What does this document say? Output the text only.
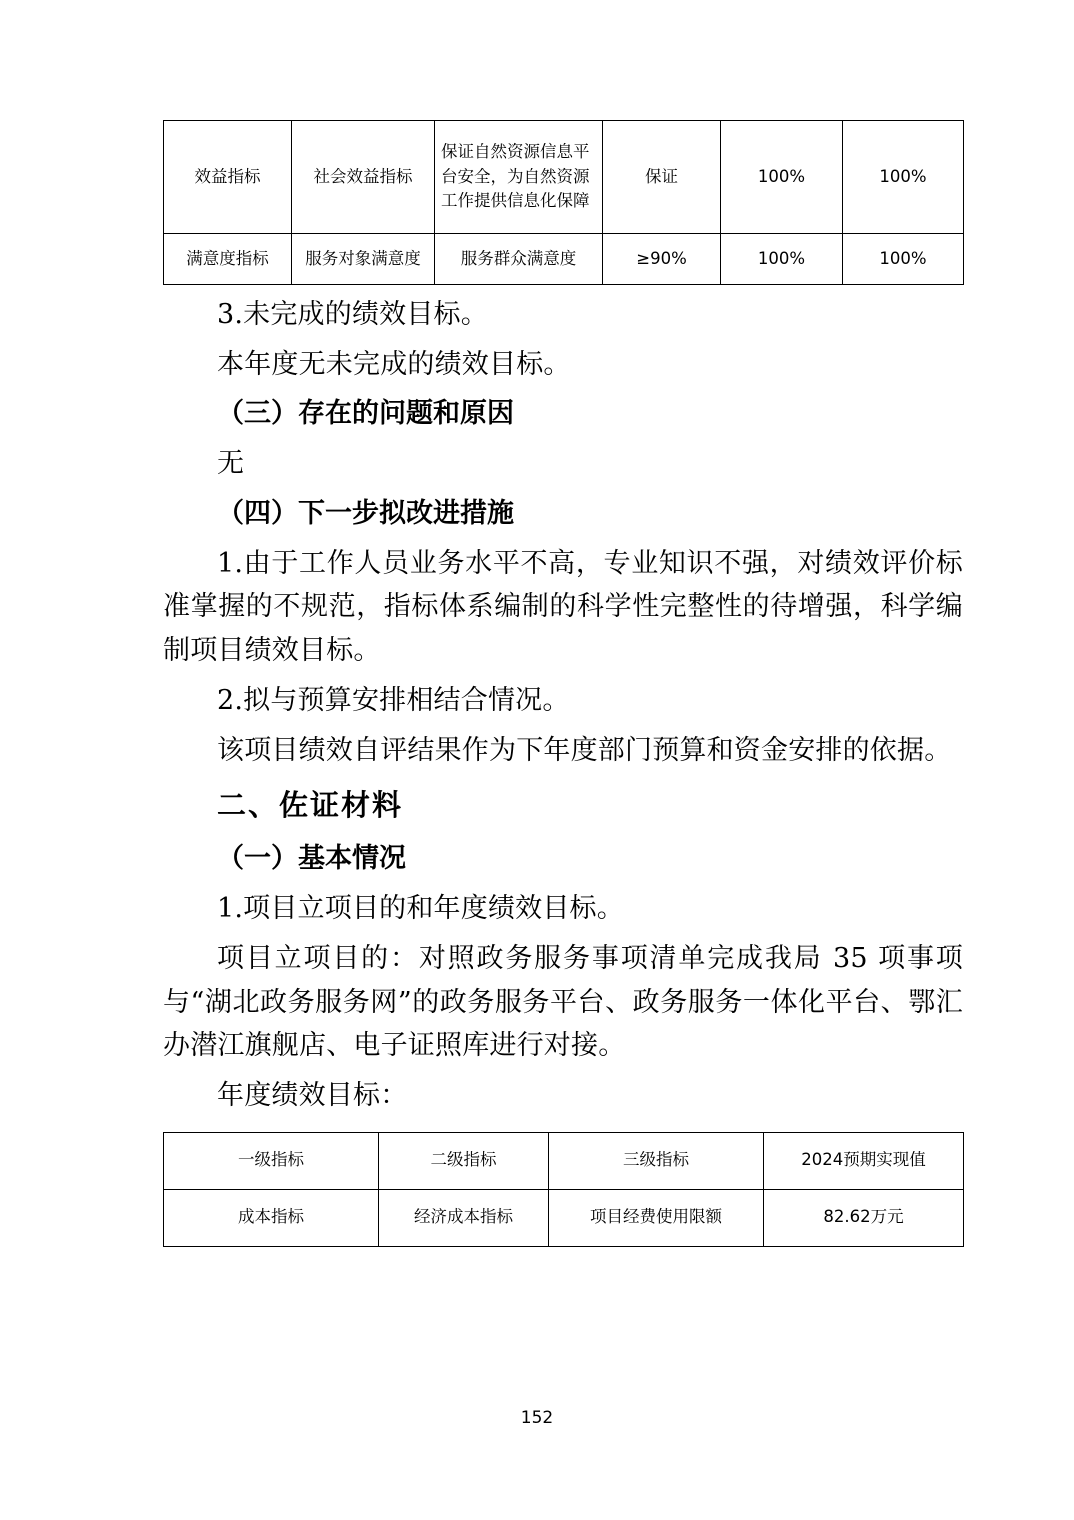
效益指标	社会效益指标	保证自然资源信息平台安全，为自然资源工作提供信息化保障	保证	100%	100%
满意度指标	服务对象满意度	服务群众满意度	≥90%	100%	100%

3.未完成的绩效目标。

本年度无未完成的绩效目标。

（三）存在的问题和原因

无

（四）下一步拟改进措施

1.由于工作人员业务水平不高，专业知识不强，对绩效评价标准掌握的不规范，指标体系编制的科学性完整性的待增强，科学编制项目绩效目标。

2.拟与预算安排相结合情况。

该项目绩效自评结果作为下年度部门预算和资金安排的依据。

二、佐证材料

（一）基本情况

1.项目立项目的和年度绩效目标。

项目立项目的：对照政务服务事项清单完成我局 35 项事项与“湖北政务服务网”的政务服务平台、政务服务一体化平台、鄂汇办潜江旗舰店、电子证照库进行对接。

年度绩效目标：

一级指标	二级指标	三级指标	2024预期实现值
成本指标	经济成本指标	项目经费使用限额	82.62万元
152
